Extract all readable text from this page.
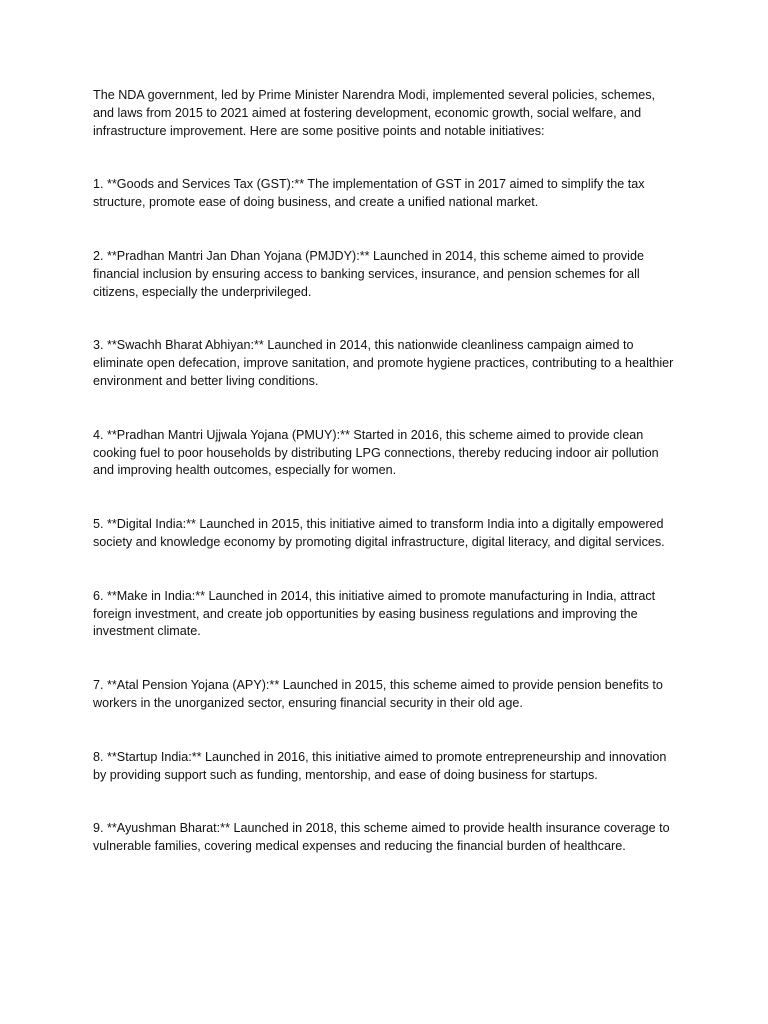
The NDA government, led by Prime Minister Narendra Modi, implemented several policies, schemes, and laws from 2015 to 2021 aimed at fostering development, economic growth, social welfare, and infrastructure improvement. Here are some positive points and notable initiatives:

1. **Goods and Services Tax (GST):** The implementation of GST in 2017 aimed to simplify the tax structure, promote ease of doing business, and create a unified national market.

2. **Pradhan Mantri Jan Dhan Yojana (PMJDY):** Launched in 2014, this scheme aimed to provide financial inclusion by ensuring access to banking services, insurance, and pension schemes for all citizens, especially the underprivileged.

3. **Swachh Bharat Abhiyan:** Launched in 2014, this nationwide cleanliness campaign aimed to eliminate open defecation, improve sanitation, and promote hygiene practices, contributing to a healthier environment and better living conditions.

4. **Pradhan Mantri Ujjwala Yojana (PMUY):** Started in 2016, this scheme aimed to provide clean cooking fuel to poor households by distributing LPG connections, thereby reducing indoor air pollution and improving health outcomes, especially for women.

5. **Digital India:** Launched in 2015, this initiative aimed to transform India into a digitally empowered society and knowledge economy by promoting digital infrastructure, digital literacy, and digital services.

6. **Make in India:** Launched in 2014, this initiative aimed to promote manufacturing in India, attract foreign investment, and create job opportunities by easing business regulations and improving the investment climate.

7. **Atal Pension Yojana (APY):** Launched in 2015, this scheme aimed to provide pension benefits to workers in the unorganized sector, ensuring financial security in their old age.

8. **Startup India:** Launched in 2016, this initiative aimed to promote entrepreneurship and innovation by providing support such as funding, mentorship, and ease of doing business for startups.

9. **Ayushman Bharat:** Launched in 2018, this scheme aimed to provide health insurance coverage to vulnerable families, covering medical expenses and reducing the financial burden of healthcare.
